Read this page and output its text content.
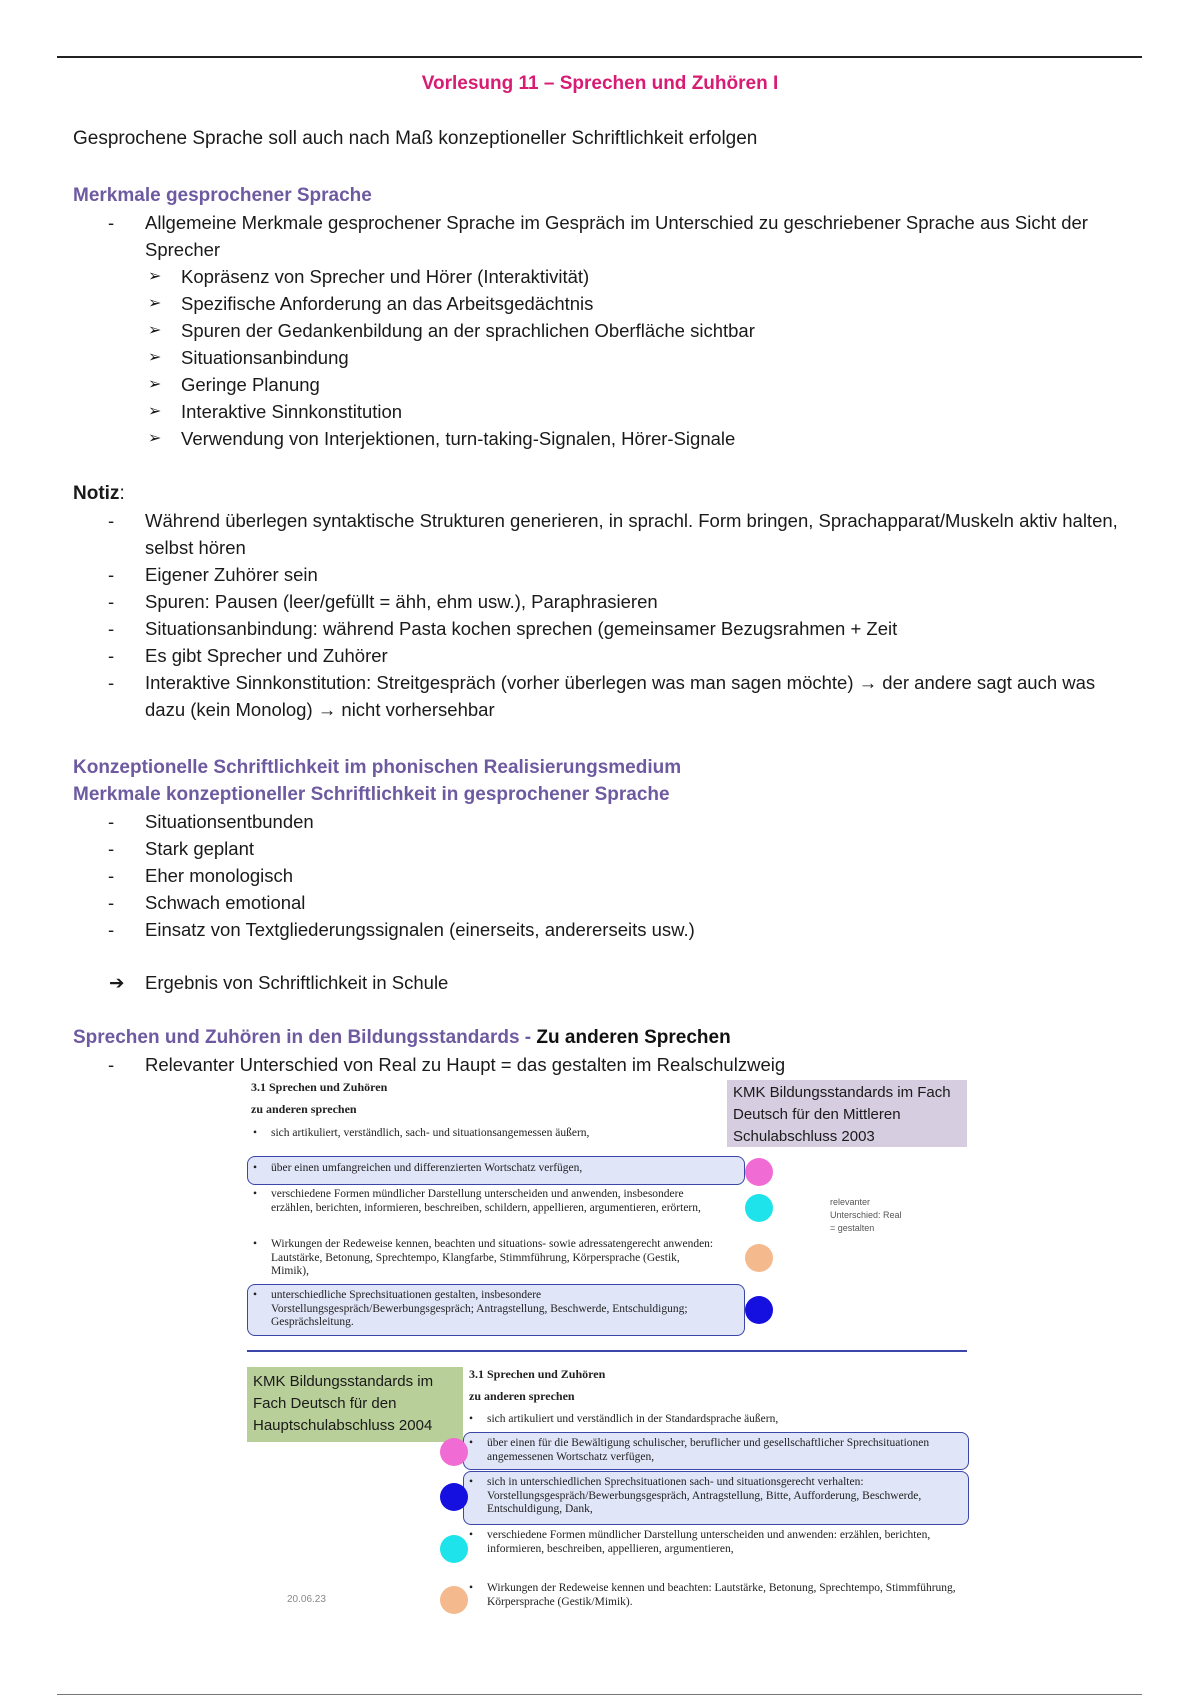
Vorlesung 11 – Sprechen und Zuhören I
Gesprochene Sprache soll auch nach Maß konzeptioneller Schriftlichkeit erfolgen

Merkmale gesprochener Sprache

- Allgemeine Merkmale gesprochener Sprache im Gespräch im Unterschied zu geschriebener Sprache aus Sicht der Sprecher
➢ Kopräsenz von Sprecher und Hörer (Interaktivität)
➢ Spezifische Anforderung an das Arbeitsgedächtnis
➢ Spuren der Gedankenbildung an der sprachlichen Oberfläche sichtbar
➢ Situationsanbindung
➢ Geringe Planung
➢ Interaktive Sinnkonstitution
➢ Verwendung von Interjektionen, turn-taking-Signalen, Hörer-Signale
Notiz:
- Während überlegen syntaktische Strukturen generieren, in sprachl. Form bringen, Sprachapparat/Muskeln aktiv halten, selbst hören
- Eigener Zuhörer sein
- Spuren: Pausen (leer/gefüllt = ähh, ehm usw.), Paraphrasieren
- Situationsanbindung: während Pasta kochen sprechen (gemeinsamer Bezugsrahmen + Zeit
- Es gibt Sprecher und Zuhörer
- Interaktive Sinnkonstitution: Streitgespräch (vorher überlegen was man sagen möchte) → der andere sagt auch was dazu (kein Monolog) → nicht vorhersehbar

Konzeptionelle Schriftlichkeit im phonischen Realisierungsmedium

Merkmale konzeptioneller Schriftlichkeit in gesprochener Sprache

- Situationsentbunden
- Stark geplant
- Eher monologisch
- Schwach emotional
- Einsatz von Textgliederungssignalen (einerseits, andererseits usw.)
➔ Ergebnis von Schriftlichkeit in Schule

Sprechen und Zuhören in den Bildungsstandards - Zu anderen Sprechen

- Relevanter Unterschied von Real zu Haupt = das gestalten im Realschulzweig
KMK Bildungsstandards im Fach Deutsch für den Mittleren Schulabschluss 2003
3.1 Sprechen und Zuhören
zu anderen sprechen
• sich artikuliert, verständlich, sach- und situationsangemessen äußern,
• über einen umfangreichen und differenzierten Wortschatz verfügen,
• verschiedene Formen mündlicher Darstellung unterscheiden und anwenden, insbesondere erzählen, berichten, informieren, beschreiben, schildern, appellieren, argumentieren, erörtern,
• Wirkungen der Redeweise kennen, beachten und situations- sowie adressatengerecht anwenden: Lautstärke, Betonung, Sprechtempo, Klangfarbe, Stimmführung, Körpersprache (Gestik, Mimik),
• unterschiedliche Sprechsituationen gestalten, insbesondere Vorstellungsgespräch/Bewerbungsgespräch; Antragstellung, Beschwerde, Entschuldigung; Gesprächsleitung.
relevanter
Unterschied: Real
= gestalten
KMK Bildungsstandards im Fach Deutsch für den Hauptschulabschluss 2004
3.1 Sprechen und Zuhören
zu anderen sprechen
• sich artikuliert und verständlich in der Standardsprache äußern,
• über einen für die Bewältigung schulischer, beruflicher und gesellschaftlicher Sprechsituationen angemessenen Wortschatz verfügen,
• sich in unterschiedlichen Sprechsituationen sach- und situationsgerecht verhalten: Vorstellungsgespräch/Bewerbungsgespräch, Antragstellung, Bitte, Aufforderung, Beschwerde, Entschuldigung, Dank,
• verschiedene Formen mündlicher Darstellung unterscheiden und anwenden: erzählen, berichten, informieren, beschreiben, appellieren, argumentieren,
• Wirkungen der Redeweise kennen und beachten: Lautstärke, Betonung, Sprechtempo, Stimmführung, Körpersprache (Gestik/Mimik).
20.06.23
